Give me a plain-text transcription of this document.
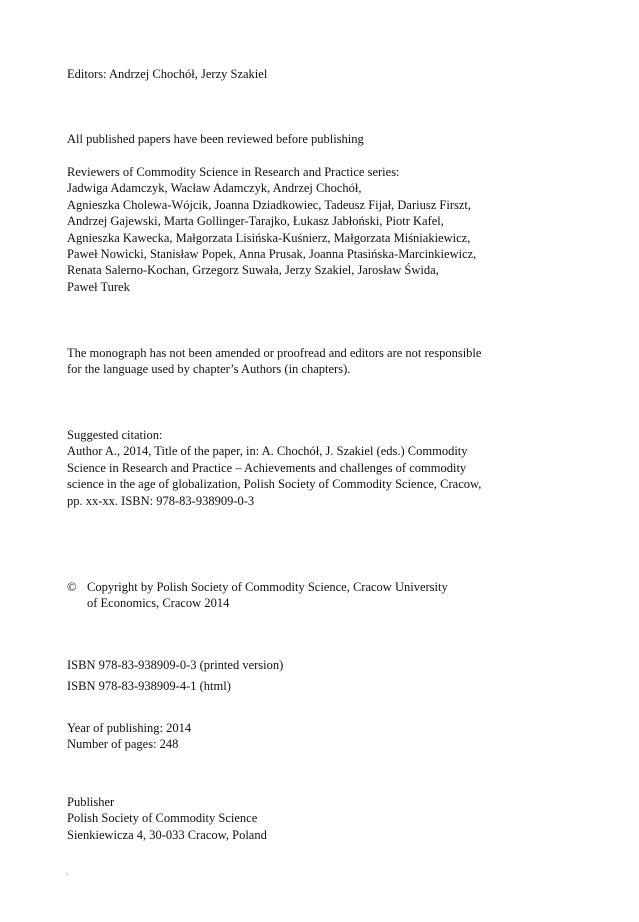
Editors: Andrzej Chochół, Jerzy Szakiel
All published papers have been reviewed before publishing
Reviewers of Commodity Science in Research and Practice series:
Jadwiga Adamczyk, Wacław Adamczyk, Andrzej Chochół,
Agnieszka Cholewa-Wójcik, Joanna Dziadkowiec, Tadeusz Fijał, Dariusz Firszt,
Andrzej Gajewski, Marta Gollinger-Tarajko, Łukasz Jabłoński, Piotr Kafel,
Agnieszka Kawecka, Małgorzata Lisińska-Kuśnierz, Małgorzata Miśniakiewicz,
Paweł Nowicki, Stanisław Popek, Anna Prusak, Joanna Ptasińska-Marcinkiewicz,
Renata Salerno-Kochan, Grzegorz Suwała, Jerzy Szakiel, Jarosław Świda,
Paweł Turek
The monograph has not been amended or proofread and editors are not responsible
for the language used by chapter’s Authors (in chapters).
Suggested citation:
Author A., 2014, Title of the paper, in: A. Chochół, J. Szakiel (eds.) Commodity
Science in Research and Practice – Achievements and challenges of commodity
science in the age of globalization, Polish Society of Commodity Science, Cracow,
pp. xx-xx. ISBN: 978-83-938909-0-3
© Copyright by Polish Society of Commodity Science, Cracow University
of Economics, Cracow 2014
ISBN 978-83-938909-0-3 (printed version)
ISBN 978-83-938909-4-1 (html)
Year of publishing: 2014
Number of pages: 248
Publisher
Polish Society of Commodity Science
Sienkiewicza 4, 30-033 Cracow, Poland
